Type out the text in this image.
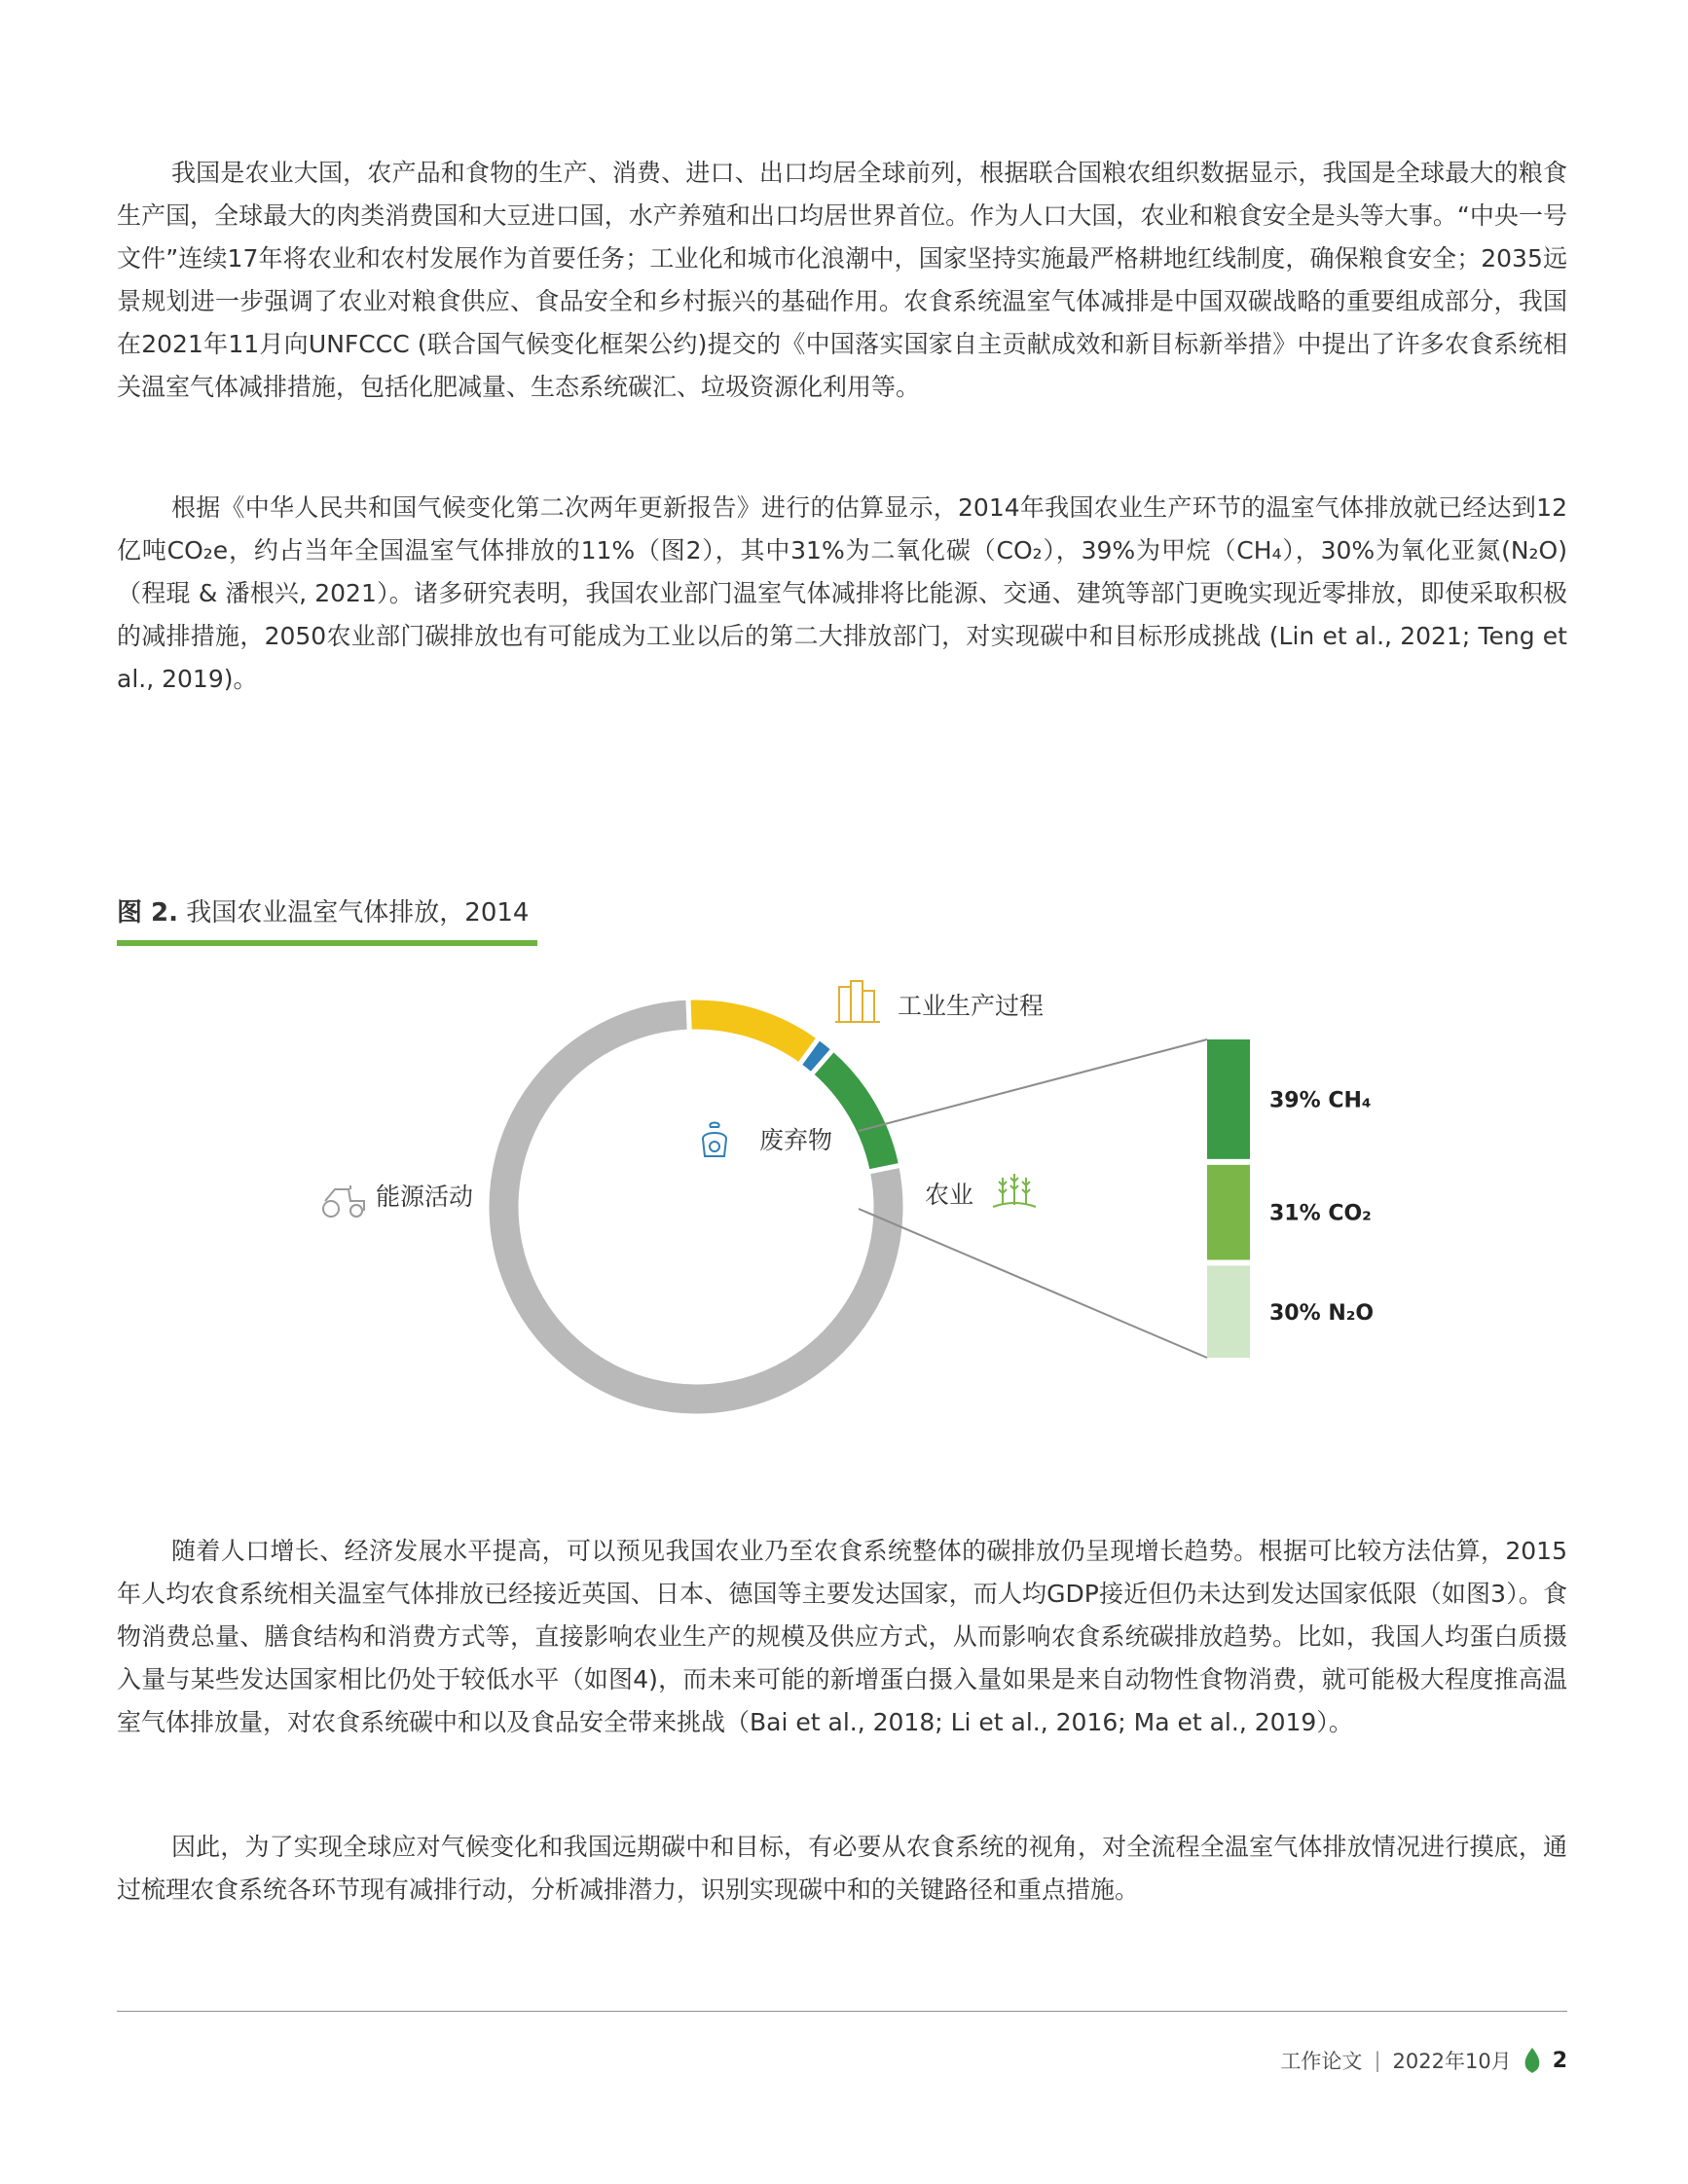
我国是农业大国，农产品和食物的生产、消费、进口、出口均居全球前列，根据联合国粮农组织数据显示，我国是全球最大的粮食生产国，全球最大的肉类消费国和大豆进口国，水产养殖和出口均居世界首位。作为人口大国，农业和粮食安全是头等大事。“中央一号文件”连续17年将农业和农村发展作为首要任务；工业化和城市化浪潮中，国家坚持实施最严格耕地红线制度，确保粮食安全；2035远景规划进一步强调了农业对粮食供应、食品安全和乡村振兴的基础作用。农食系统温室气体减排是中国双碳战略的重要组成部分，我国在2021年11月向UNFCCC (联合国气候变化框架公约)提交的《中国落实国家自主贡献成效和新目标新举措》中提出了许多农食系统相关温室气体减排措施，包括化肥减量、生态系统碳汇、垃圾资源化利用等。

根据《中华人民共和国气候变化第二次两年更新报告》进行的估算显示，2014年我国农业生产环节的温室气体排放就已经达到12亿吨CO₂e，约占当年全国温室气体排放的11%（图2），其中31%为二氧化碳（CO₂），39%为甲烷（CH₄），30%为氧化亚氮(N₂O)（程琨 & 潘根兴, 2021）。诸多研究表明，我国农业部门温室气体减排将比能源、交通、建筑等部门更晚实现近零排放，即使采取积极的减排措施，2050农业部门碳排放也有可能成为工业以后的第二大排放部门，对实现碳中和目标形成挑战 (Lin et al., 2021; Teng et al., 2019)。

图 2. 我国农业温室气体排放，2014
39% CH₄
31% CO₂
30% N₂O
能源活动
工业生产过程
废弃物
农业

随着人口增长、经济发展水平提高，可以预见我国农业乃至农食系统整体的碳排放仍呈现增长趋势。根据可比较方法估算，2015年人均农食系统相关温室气体排放已经接近英国、日本、德国等主要发达国家，而人均GDP接近但仍未达到发达国家低限（如图3）。食物消费总量、膳食结构和消费方式等，直接影响农业生产的规模及供应方式，从而影响农食系统碳排放趋势。比如，我国人均蛋白质摄入量与某些发达国家相比仍处于较低水平（如图4)，而未来可能的新增蛋白摄入量如果是来自动物性食物消费，就可能极大程度推高温室气体排放量，对农食系统碳中和以及食品安全带来挑战（Bai et al., 2018; Li et al., 2016; Ma et al., 2019）。

因此，为了实现全球应对气候变化和我国远期碳中和目标，有必要从农食系统的视角，对全流程全温室气体排放情况进行摸底，通过梳理农食系统各环节现有减排行动，分析减排潜力，识别实现碳中和的关键路径和重点措施。

工作论文 | 2022年10月 2
